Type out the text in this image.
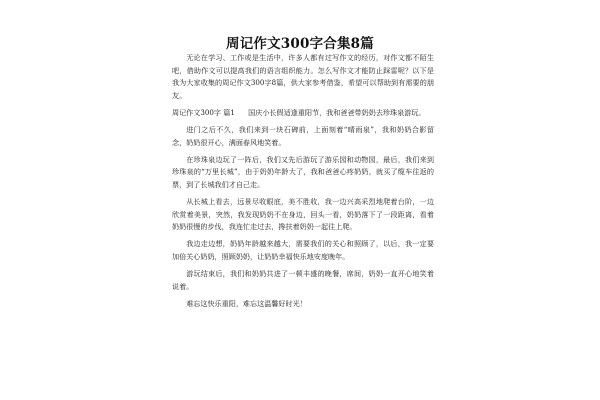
周记作文300字合集8篇

无论在学习、工作或是生活中，许多人都有过写作文的经历，对作文都不陌生吧，借助作文可以提高我们的语言组织能力。怎么写作文才能防止踩雷呢？以下是我为大家收集的周记作文300字8篇，供大家参考借鉴，希望可以帮助到有需要的朋友。

周记作文300字 篇1 国庆小长假适逢重阳节，我和爸爸带奶奶去珍珠泉游玩。

进门之后不久，我们来到一块石碑前，上面刻着“晴雨泉”，我和奶奶合影留念，奶奶很开心，满面春风地笑着。

在珍珠泉边玩了一阵后，我们又先后游玩了游乐园和动物园，最后，我们来到珍珠泉的“万里长城”，由于奶奶年龄大了，我和爸爸心疼奶奶，就买了缆车往返的票，到了长城我们才自己走。

从长城上看去，远景尽收眼底，美不胜收，我一边兴高采烈地爬着台阶，一边欣赏着美景，突然，我发现奶奶不在身边，回头一看，奶奶落下了一段距离，看着奶奶很慢的步伐，我连忙走过去，搀扶着奶奶一起往上爬。

我边走边想，奶奶年龄越来越大，需要我们的关心和照顾了，以后，我一定要加倍关心奶奶，照顾奶奶，让奶奶幸福快乐地安度晚年。

游玩结束后，我们和奶奶共进了一顿丰盛的晚餐，席间，奶奶一直开心地笑着说着。

难忘这快乐重阳，难忘这温馨好时光！
